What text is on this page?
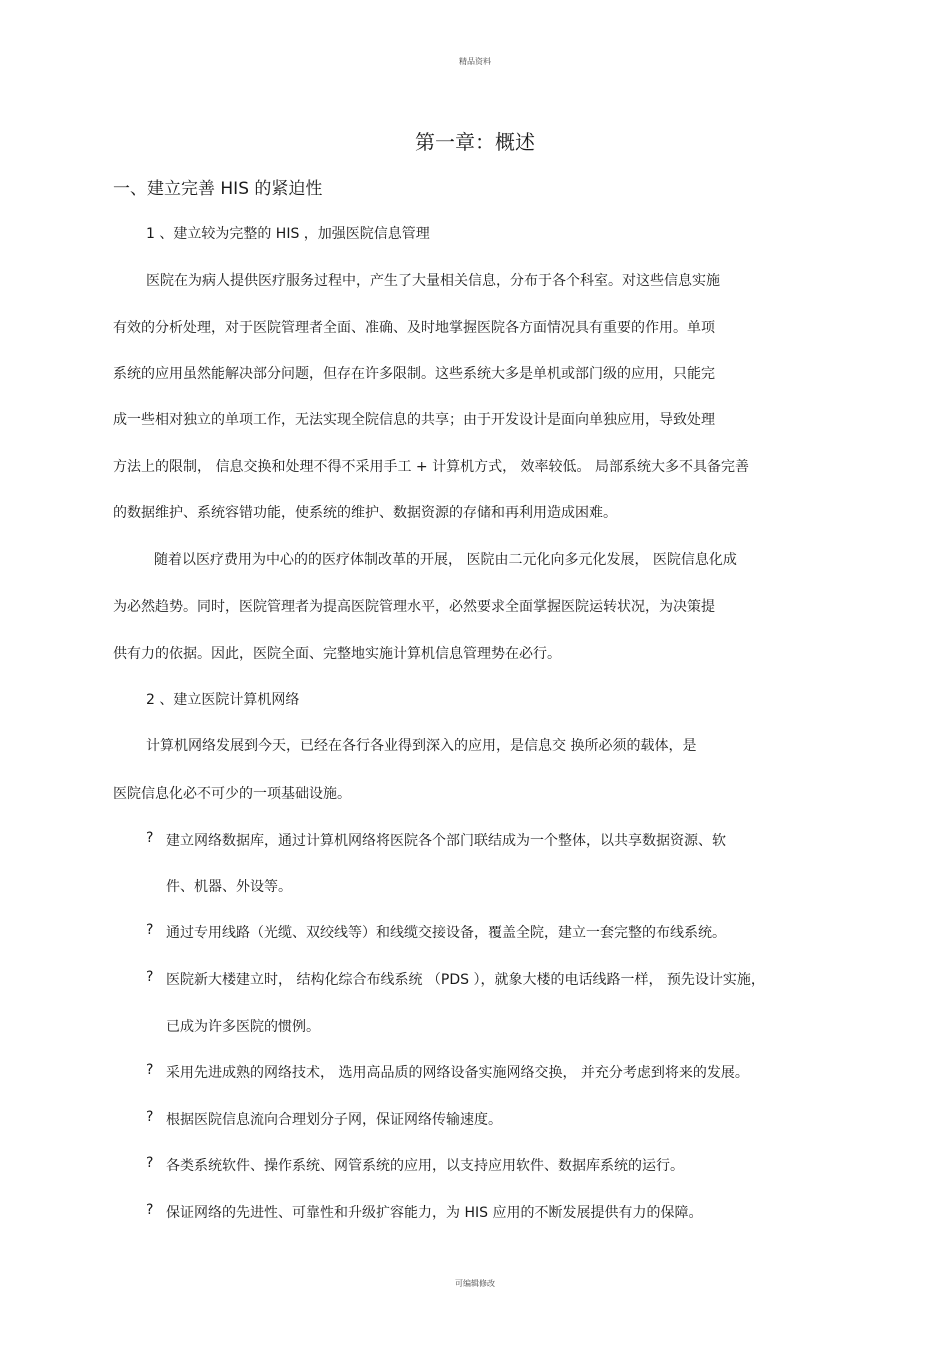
精品资料
第一章：概述
一、建立完善 HIS 的紧迫性
1 、建立较为完整的 HIS ，加强医院信息管理
医院在为病人提供医疗服务过程中，产生了大量相关信息，分布于各个科室。对这些信息实施
有效的分析处理，对于医院管理者全面、准确、及时地掌握医院各方面情况具有重要的作用。单项
系统的应用虽然能解决部分问题，但存在许多限制。这些系统大多是单机或部门级的应用，只能完
成一些相对独立的单项工作，无法实现全院信息的共享；由于开发设计是面向单独应用，导致处理
方法上的限制， 信息交换和处理不得不采用手工 + 计算机方式， 效率较低。 局部系统大多不具备完善
的数据维护、系统容错功能，使系统的维护、数据资源的存储和再利用造成困难。
随着以医疗费用为中心的的医疗体制改革的开展， 医院由二元化向多元化发展， 医院信息化成
为必然趋势。同时，医院管理者为提高医院管理水平，必然要求全面掌握医院运转状况，为决策提
供有力的依据。因此，医院全面、完整地实施计算机信息管理势在必行。
2 、建立医院计算机网络
计算机网络发展到今天，已经在各行各业得到深入的应用，是信息交 换所必须的载体，是
医院信息化必不可少的一项基础设施。
? 建立网络数据库，通过计算机网络将医院各个部门联结成为一个整体，以共享数据资源、软
件、机器、外设等。
? 通过专用线路（光缆、双绞线等）和线缆交接设备，覆盖全院，建立一套完整的布线系统。
? 医院新大楼建立时， 结构化综合布线系统 （PDS ），就象大楼的电话线路一样， 预先设计实施，
已成为许多医院的惯例。
? 采用先进成熟的网络技术， 选用高品质的网络设备实施网络交换， 并充分考虑到将来的发展。
? 根据医院信息流向合理划分子网，保证网络传输速度。
? 各类系统软件、操作系统、网管系统的应用，以支持应用软件、数据库系统的运行。
? 保证网络的先进性、可靠性和升级扩容能力，为 HIS 应用的不断发展提供有力的保障。
可编辑修改
